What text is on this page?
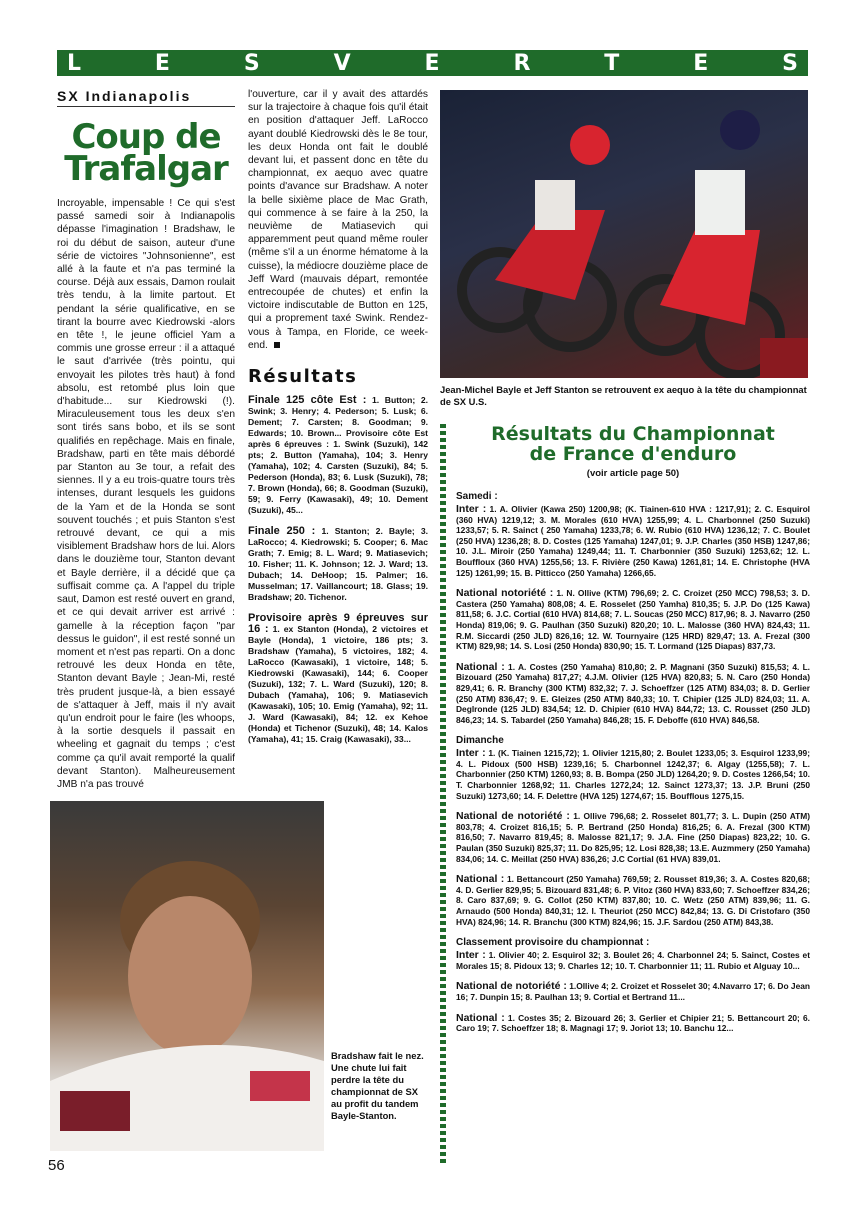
L	E	S	V	E	R	T	E	S
SX Indianapolis
Coup de
Trafalgar

Incroyable, impensable ! Ce qui s'est passé samedi soir à Indianapolis dépasse l'imagination ! Bradshaw, le roi du début de saison, auteur d'une série de victoires "Johnsonienne", est allé à la faute et n'a pas terminé la course. Déjà aux essais, Damon roulait très tendu, à la limite partout. Et pendant la série qualificative, en se tirant la bourre avec Kiedrowski -alors en tête !, le jeune officiel Yam a commis une grosse erreur : il a attaqué le saut d'arrivée (très pointu, qui envoyait les pilotes très haut) à fond absolu, est retombé plus loin que d'habitude... sur Kiedrowski (!). Miraculeusement tous les deux s'en sont tirés sans bobo, et ils se sont qualifiés en repêchage. Mais en finale, Bradshaw, parti en tête mais débordé par Stanton au 3e tour, a refait des siennes. Il y a eu trois-quatre tours très intenses, durant lesquels les guidons de la Yam et de la Honda se sont souvent touchés ; et puis Stanton s'est retrouvé devant, ce qui a mis visiblement Bradshaw hors de lui. Alors dans le douzième tour, Stanton devant et Bayle derrière, il a décidé que ça suffisait comme ça. A l'appel du triple saut, Damon est resté ouvert en grand, et ce qui devait arriver est arrivé : gamelle à la réception façon "par dessus le guidon", il est resté sonné un moment et n'est pas reparti. On a donc retrouvé les deux Honda en tête, Stanton devant Bayle ; Jean-Mi, resté très prudent jusque-là, a bien essayé de s'attaquer à Jeff, mais il n'y avait qu'un endroit pour le faire (les whoops, à la sortie desquels il passait en wheeling et gagnait du temps ; c'est comme ça qu'il avait remporté la qualif devant Stanton). Malheureusement JMB n'a pas trouvé

l'ouverture, car il y avait des attardés sur la trajectoire à chaque fois qu'il était en position d'attaquer Jeff. LaRocco ayant doublé Kiedrowski dès le 8e tour, les deux Honda ont fait le doublé devant lui, et passent donc en tête du championnat, ex aequo avec quatre points d'avance sur Bradshaw. A noter la belle sixième place de Mac Grath, qui commence à se faire à la 250, la neuvième de Matiasevich qui apparemment peut quand même rouler (même s'il a un énorme hématome à la cuisse), la médiocre douzième place de Jeff Ward (mauvais départ, remontée entrecoupée de chutes) et enfin la victoire indiscutable de Button en 125, qui a proprement taxé Swink. Rendez-vous à Tampa, en Floride, ce week-end.

Résultats
Finale 125 côte Est : 1. Button; 2. Swink; 3. Henry; 4. Pederson; 5. Lusk; 6. Dement; 7. Carsten; 8. Goodman; 9. Edwards; 10. Brown... Provisoire côte Est après 6 épreuves : 1. Swink (Suzuki), 142 pts; 2. Button (Yamaha), 104; 3. Henry (Yamaha), 102; 4. Carsten (Suzuki), 84; 5. Pederson (Honda), 83; 6. Lusk (Suzuki), 78; 7. Brown (Honda), 66; 8. Goodman (Suzuki), 59; 9. Ferry (Kawasaki), 49; 10. Dement (Suzuki), 45...
Finale 250 : 1. Stanton; 2. Bayle; 3. LaRocco; 4. Kiedrowski; 5. Cooper; 6. Mac Grath; 7. Emig; 8. L. Ward; 9. Matiasevich; 10. Fisher; 11. K. Johnson; 12. J. Ward; 13. Dubach; 14. DeHoop; 15. Palmer; 16. Musselman; 17. Vaillancourt; 18. Glass; 19. Bradshaw; 20. Tichenor.
Provisoire après 9 épreuves sur 16 : 1. ex Stanton (Honda), 2 victoires et Bayle (Honda), 1 victoire, 186 pts; 3. Bradshaw (Yamaha), 5 victoires, 182; 4. LaRocco (Kawasaki), 1 victoire, 148; 5. Kiedrowski (Kawasaki), 144; 6. Cooper (Suzuki), 132; 7. L. Ward (Suzuki), 120; 8. Dubach (Yamaha), 106; 9. Matiasevich (Kawasaki), 105; 10. Emig (Yamaha), 92; 11. J. Ward (Kawasaki), 84; 12. ex Kehoe (Honda) et Tichenor (Suzuki), 48; 14. Kalos (Yamaha), 41; 15. Craig (Kawasaki), 33...
Jean-Michel Bayle et Jeff Stanton se retrouvent ex aequo à la tête du championnat de SX U.S.
Bradshaw fait le nez. Une chute lui fait perdre la tête du championnat de SX au profit du tandem Bayle-Stanton.
Résultats du Championnat
de France d'enduro
(voir article page 50)
Samedi :
Inter : 1. A. Olivier (Kawa 250) 1200,98; (K. Tiainen-610 HVA : 1217,91); 2. C. Esquirol (360 HVA) 1219,12; 3. M. Morales (610 HVA) 1255,99; 4. L. Charbonnel (250 Suzuki) 1233,57; 5. R. Sainct ( 250 Yamaha) 1233,78; 6. W. Rubio (610 HVA) 1236,12; 7. C. Boulet (250 HVA) 1236,28; 8. D. Costes (125 Yamaha) 1247,01; 9. J.P. Charles (350 HSB) 1247,86; 10. J.L. Miroir (250 Yamaha) 1249,44; 11. T. Charbonnier (350 Suzuki) 1253,62; 12. L. Bouffloux (360 HVA) 1255,56; 13. F. Rivière (250 Kawa) 1261,81; 14. E. Christophe (HVA 125) 1261,99; 15. B. Pitticco (250 Yamaha) 1266,65.
National notoriété : 1. N. Ollive (KTM) 796,69; 2. C. Croizet (250 MCC) 798,53; 3. D. Castera (250 Yamaha) 808,08; 4. E. Rosselet (250 Yamha) 810,35; 5. J.P. Do (125 Kawa) 811,58; 6. J.C. Cortial (610 HVA) 814,68; 7. L. Soucas (250 MCC) 817,96; 8. J. Navarro (250 Honda) 819,06; 9. G. Paulhan (350 Suzuki) 820,20; 10. L. Malosse (360 HVA) 824,43; 11. R.M. Siccardi (250 JLD) 826,16; 12. W. Tournyaire (125 HRD) 829,47; 13. A. Frezal (300 KTM) 829,98; 14. S. Losi (250 Honda) 830,90; 15. T. Lormand (125 Diapas) 837,73.
National : 1. A. Costes (250 Yamaha) 810,80; 2. P. Magnani (350 Suzuki) 815,53; 4. L. Bizouard (250 Yamaha) 817,27; 4.J.M. Olivier (125 HVA) 820,83; 5. N. Caro (250 Honda) 829,41; 6. R. Branchy (300 KTM) 832,32; 7. J. Schoeffzer (125 ATM) 834,03; 8. D. Gerlier (250 ATM) 836,47; 9. E. Gleizes (250 ATM) 840,33; 10. T. Chipier (125 JLD) 824,03; 11. A. Deglronde (125 JLD) 834,54; 12. D. Chipier (610 HVA) 844,72; 13. C. Rousset (250 JLD) 846,23; 14. S. Tabardel (250 Yamaha) 846,28; 15. F. Deboffe (610 HVA) 846,58.
Dimanche
Inter : 1. (K. Tiainen 1215,72); 1. Olivier 1215,80; 2. Boulet 1233,05; 3. Esquirol 1233,99; 4. L. Pidoux (500 HSB) 1239,16; 5. Charbonnel 1242,37; 6. Algay (1255,58); 7. L. Charbonnier (250 KTM) 1260,93; 8. B. Bompa (250 JLD) 1264,20; 9. D. Costes 1266,54; 10. T. Charbonnier 1268,92; 11. Charles 1272,24; 12. Sainct 1273,37; 13. J.P. Bruni (250 Suzuki) 1273,60; 14. F. Delettre (HVA 125) 1274,67; 15. Boufflous 1275,15.
National de notoriété : 1. Ollive 796,68; 2. Rosselet 801,77; 3. L. Dupin (250 ATM) 803,78; 4. Croizet 816,15; 5. P. Bertrand (250 Honda) 816,25; 6. A. Frezal (300 KTM) 816,50; 7. Navarro 819,45; 8. Malosse 821,17; 9. J.A. Fine (250 Diapas) 823,22; 10. G. Paulan (350 Suzuki) 825,37; 11. Do 825,95; 12. Losi 828,38; 13.E. Auzmmery (250 Yamaha) 834,06; 14. C. Meillat (250 HVA) 836,26; J.C Cortial (61 HVA) 839,01.
National : 1. Bettancourt (250 Yamaha) 769,59; 2. Rousset 819,36; 3. A. Costes 820,68; 4. D. Gerlier 829,95; 5. Bizouard 831,48; 6. P. Vitoz (360 HVA) 833,60; 7. Schoeffzer 834,26; 8. Caro 837,69; 9. G. Collot (250 KTM) 837,80; 10. C. Wetz (250 ATM) 839,96; 11. G. Arnaudo (500 Honda) 840,31; 12. I. Theuriot (250 MCC) 842,84; 13. G. Di Cristofaro (350 HVA) 824,96; 14. R. Branchu (300 KTM) 824,96; 15. J.F. Sardou (250 ATM) 843,38.
Classement provisoire du championnat :
Inter : 1. Olivier 40; 2. Esquirol 32; 3. Boulet 26; 4. Charbonnel 24; 5. Sainct, Costes et Morales 15; 8. Pidoux 13; 9. Charles 12; 10. T. Charbonnier 11; 11. Rubio et Alguay 10...
National de notoriété : 1.Ollive 4; 2. Croizet et Rosselet 30; 4.Navarro 17; 6. Do Jean 16; 7. Dunpin 15; 8. Paulhan 13; 9. Cortial et Bertrand 11...
National : 1. Costes 35; 2. Bizouard 26; 3. Gerlier et Chipier 21; 5. Bettancourt 20; 6. Caro 19; 7. Schoeffzer 18; 8. Magnagi 17; 9. Joriot 13; 10. Banchu 12...
56
